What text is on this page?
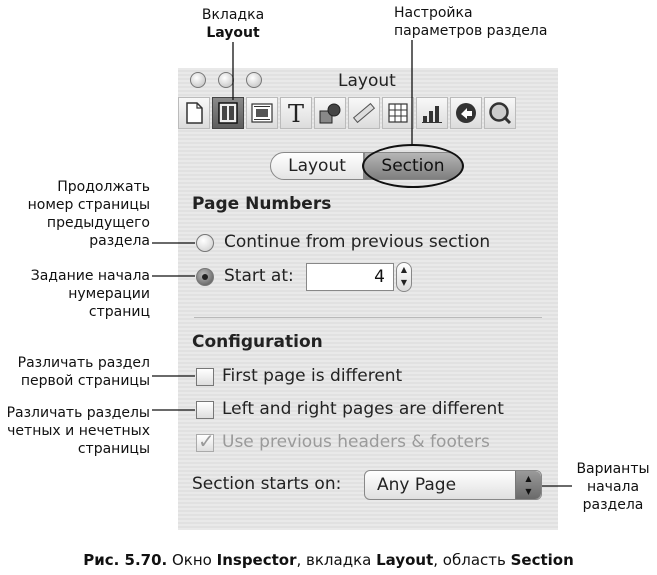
Вкладка
Layout
Настройка
параметров раздела
Продолжать
номер страницы
предыдущего
раздела
Задание начала
нумерации
страниц
Различать раздел
первой страницы
Различать разделы
четных и нечетных
страницы
Варианты
начала
раздела
Layout
T
Layout	Section
Page Numbers
Continue from previous section
Start at:	4	▲
▼
Configuration
First page is different
Left and right pages are different
✓ Use previous headers & footers
Section starts on:	Any Page	▲
▼
Рис. 5.70. Окно Inspector, вкладка Layout, область Section
